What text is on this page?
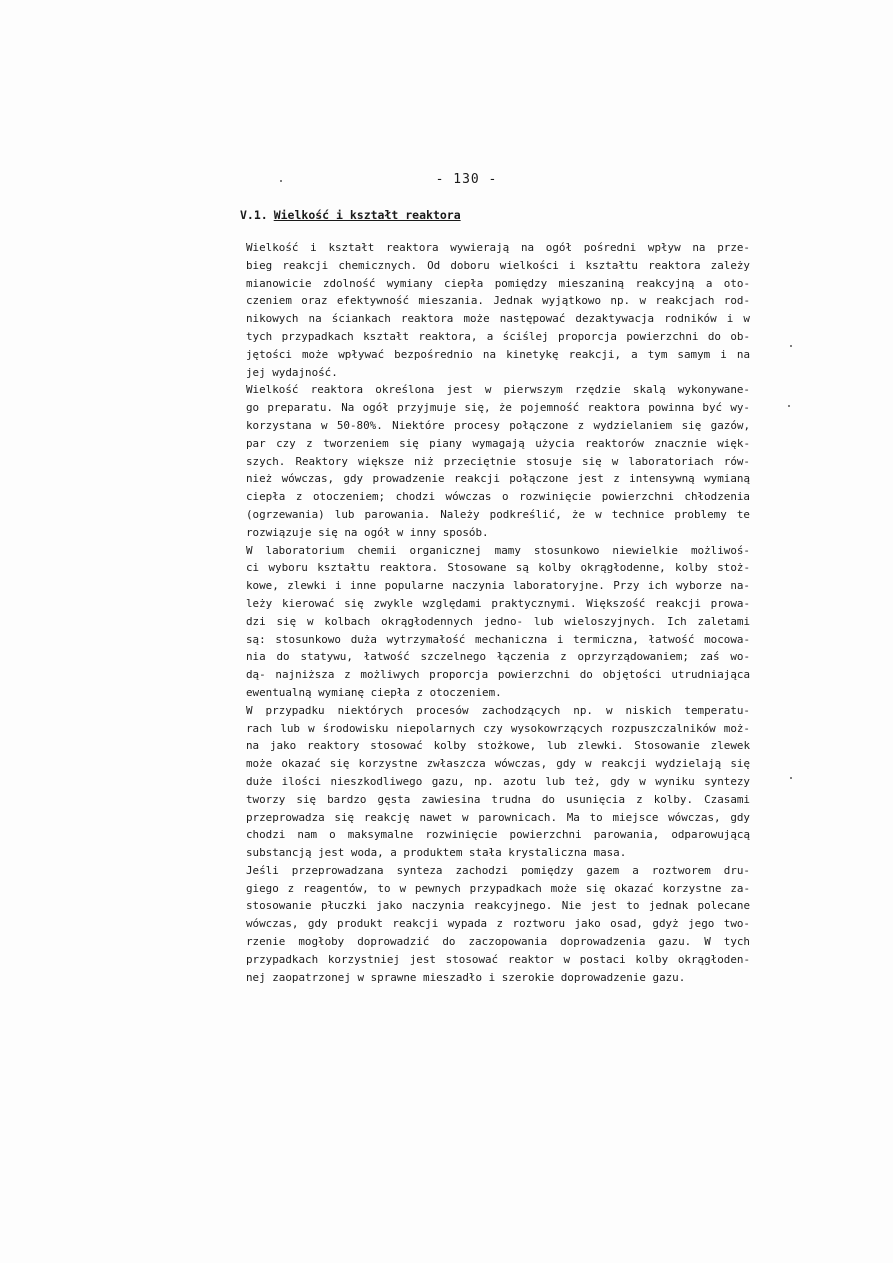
- 130 -
V.1. Wielkość i kształt reaktora
Wielkość i kształt reaktora wywierają na ogół pośredni wpływ na prze-
bieg reakcji chemicznych. Od doboru wielkości i kształtu reaktora zależy
mianowicie zdolność wymiany ciepła pomiędzy mieszaniną reakcyjną a oto-
czeniem oraz efektywność mieszania. Jednak wyjątkowo np. w reakcjach rod-
nikowych na ściankach reaktora może następować dezaktywacja rodników i w
tych przypadkach kształt reaktora, a ściślej proporcja powierzchni do ob-
jętości może wpływać bezpośrednio na kinetykę reakcji, a tym samym i na
jej wydajność.
Wielkość reaktora określona jest w pierwszym rzędzie skalą wykonywane-
go preparatu. Na ogół przyjmuje się, że pojemność reaktora powinna być wy-
korzystana w 50-80%. Niektóre procesy połączone z wydzielaniem się gazów,
par czy z tworzeniem się piany wymagają użycia reaktorów znacznie więk-
szych. Reaktory większe niż przeciętnie stosuje się w laboratoriach rów-
nież wówczas, gdy prowadzenie reakcji połączone jest z intensywną wymianą
ciepła z otoczeniem; chodzi wówczas o rozwinięcie powierzchni chłodzenia
(ogrzewania) lub parowania. Należy podkreślić, że w technice problemy te
rozwiązuje się na ogół w inny sposób.
W laboratorium chemii organicznej mamy stosunkowo niewielkie możliwoś-
ci wyboru kształtu reaktora. Stosowane są kolby okrągłodenne, kolby stoż-
kowe, zlewki i inne popularne naczynia laboratoryjne. Przy ich wyborze na-
leży kierować się zwykle względami praktycznymi. Większość reakcji prowa-
dzi się w kolbach okrągłodennych jedno- lub wieloszyjnych. Ich zaletami
są: stosunkowo duża wytrzymałość mechaniczna i termiczna, łatwość mocowa-
nia do statywu, łatwość szczelnego łączenia z oprzyrządowaniem; zaś wo-
dą- najniższa z możliwych proporcja powierzchni do objętości utrudniająca
ewentualną wymianę ciepła z otoczeniem.
W przypadku niektórych procesów zachodzących np. w niskich temperatu-
rach lub w środowisku niepolarnych czy wysokowrzących rozpuszczalników moż-
na jako reaktory stosować kolby stożkowe, lub zlewki. Stosowanie zlewek
może okazać się korzystne zwłaszcza wówczas, gdy w reakcji wydzielają się
duże ilości nieszkodliwego gazu, np. azotu lub też, gdy w wyniku syntezy
tworzy się bardzo gęsta zawiesina trudna do usunięcia z kolby. Czasami
przeprowadza się reakcję nawet w parownicach. Ma to miejsce wówczas, gdy
chodzi nam o maksymalne rozwinięcie powierzchni parowania, odparowującą
substancją jest woda, a produktem stała krystaliczna masa.
Jeśli przeprowadzana synteza zachodzi pomiędzy gazem a roztworem dru-
giego z reagentów, to w pewnych przypadkach może się okazać korzystne za-
stosowanie płuczki jako naczynia reakcyjnego. Nie jest to jednak polecane
wówczas, gdy produkt reakcji wypada z roztworu jako osad, gdyż jego two-
rzenie mogłoby doprowadzić do zaczopowania doprowadzenia gazu. W tych
przypadkach korzystniej jest stosować reaktor w postaci kolby okrągłoden-
nej zaopatrzonej w sprawne mieszadło i szerokie doprowadzenie gazu.
